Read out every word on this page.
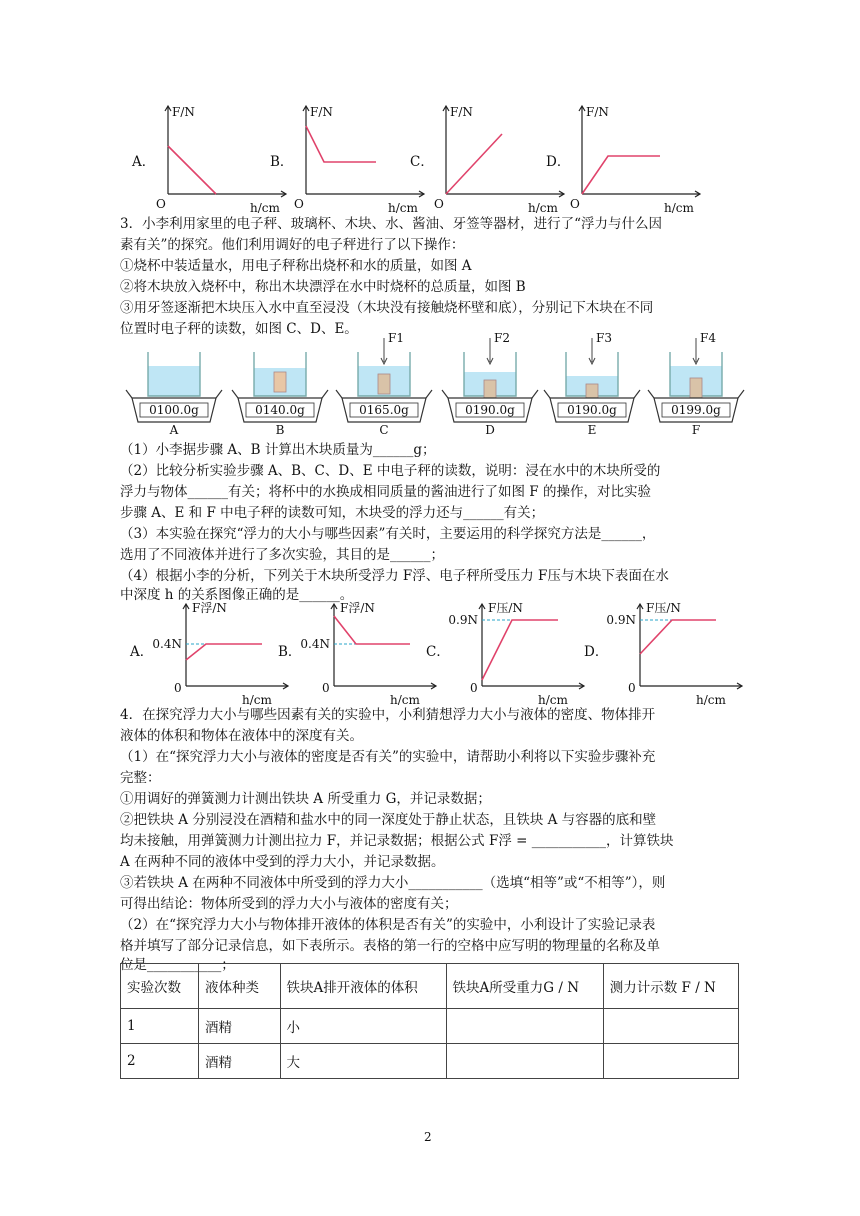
A．
F/N
h/cm
O
B．
F/N
h/cm
O
C．
F/N
h/cm
O
D．
F/N
h/cm
O
3．小李利用家里的电子秤、玻璃杯、木块、水、酱油、牙签等器材，进行了“浮力与什么因
素有关”的探究。他们利用调好的电子秤进行了以下操作：
①烧杯中装适量水，用电子秤称出烧杯和水的质量，如图 A
②将木块放入烧杯中，称出木块漂浮在水中时烧杯的总质量，如图 B
③用牙签逐渐把木块压入水中直至浸没（木块没有接触烧杯壁和底），分别记下木块在不同
位置时电子秤的读数，如图 C、D、E。
0100.0g
A
0140.0g
B
F1
0165.0g
C
F2
0190.0g
D
F3
0190.0g
E
F4
0199.0g
F
（1）小李据步骤 A、B 计算出木块质量为______g；
（2）比较分析实验步骤 A、B、C、D、E 中电子秤的读数，说明：浸在水中的木块所受的
浮力与物体______有关；将杯中的水换成相同质量的酱油进行了如图 F 的操作，对比实验
步骤 A、E 和 F 中电子秤的读数可知，木块受的浮力还与______有关；
（3）本实验在探究“浮力的大小与哪些因素”有关时，主要运用的科学探究方法是______，
选用了不同液体并进行了多次实验，其目的是______；
（4）根据小李的分析，下列关于木块所受浮力 F浮、电子秤所受压力 F压与木块下表面在水
中深度 h 的关系图像正确的是______。
A． 0.4N
F浮/N
h/cm
0
B．
0.4N
F浮/N
h/cm
0
C．
0.9N
F压/N
h/cm
0
D．
0.9N
F压/N
h/cm
0
4．在探究浮力大小与哪些因素有关的实验中，小利猜想浮力大小与液体的密度、物体排开
液体的体积和物体在液体中的深度有关。
（1）在“探究浮力大小与液体的密度是否有关”的实验中，请帮助小利将以下实验步骤补充
完整：
①用调好的弹簧测力计测出铁块 A 所受重力 G，并记录数据；
②把铁块 A 分别浸没在酒精和盐水中的同一深度处于静止状态，且铁块 A 与容器的底和壁
均未接触，用弹簧测力计测出拉力 F，并记录数据；根据公式 F浮 = ___________，计算铁块
A 在两种不同的液体中受到的浮力大小，并记录数据。
③若铁块 A 在两种不同液体中所受到的浮力大小___________（选填“相等”或“不相等”），则
可得出结论：物体所受到的浮力大小与液体的密度有关；
（2）在“探究浮力大小与物体排开液体的体积是否有关”的实验中，小利设计了实验记录表
格并填写了部分记录信息，如下表所示。表格的第一行的空格中应写明的物理量的名称及单
位是___________；
实验次数	液体种类	铁块A排开液体的体积	铁块A所受重力G / N	测力计示数 F / N
1	酒精	小		
2	酒精	大		
2
